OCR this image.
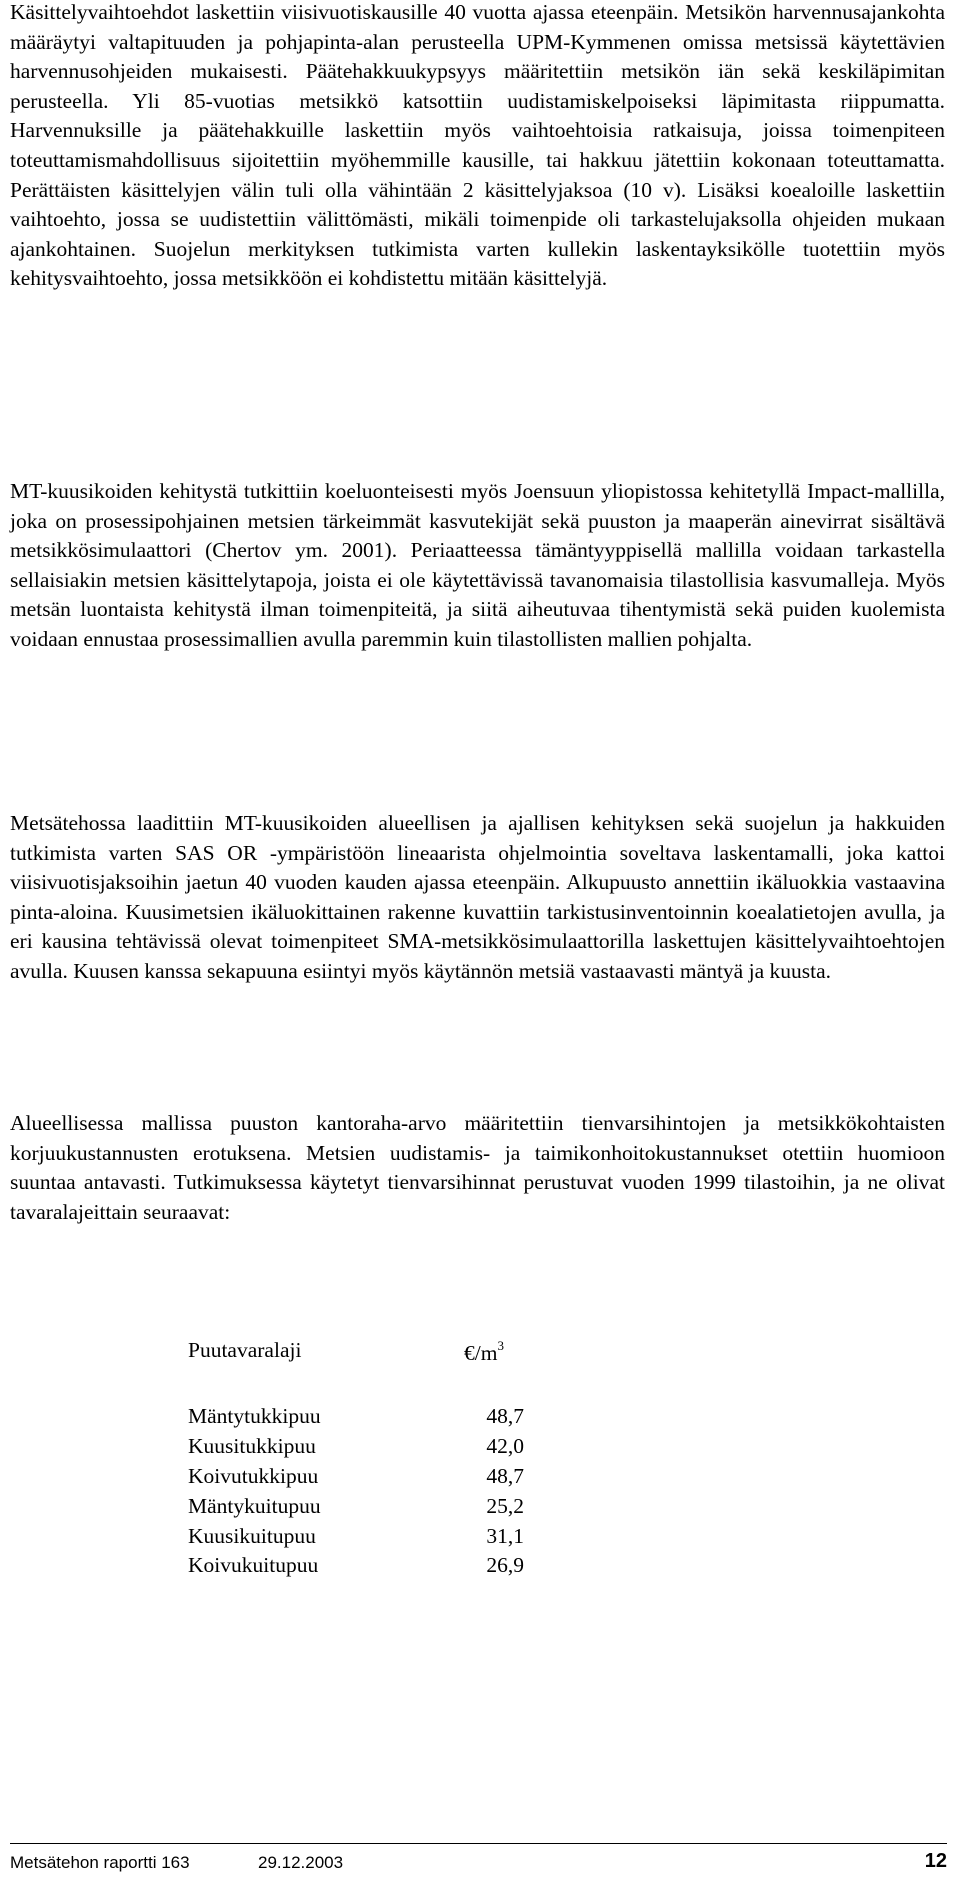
Käsittelyvaihtoehdot laskettiin viisivuotiskausille 40 vuotta ajassa eteenpäin. Metsikön harvennusajankohta määräytyi valtapituuden ja pohjapinta-alan perusteella UPM-Kymmenen omissa metsissä käytettävien harvennusohjeiden mukaisesti. Päätehakkuukypsyys määritettiin metsikön iän sekä keskiläpimitan perusteella. Yli 85-vuotias metsikkö katsottiin uudistamiskelpoiseksi läpimitasta riippumatta. Harvennuksille ja päätehakkuille laskettiin myös vaihtoehtoisia ratkaisuja, joissa toimenpiteen toteuttamismahdollisuus sijoitettiin myöhemmille kausille, tai hakkuu jätettiin kokonaan toteuttamatta. Perättäisten käsittelyjen välin tuli olla vähintään 2 käsittelyjaksoa (10 v). Lisäksi koealoille laskettiin vaihtoehto, jossa se uudistettiin välittömästi, mikäli toimenpide oli tarkastelujaksolla ohjeiden mukaan ajankohtainen. Suojelun merkityksen tutkimista varten kullekin laskentayksikölle tuotettiin myös kehitysvaihtoehto, jossa metsikköön ei kohdistettu mitään käsittelyjä.

MT-kuusikoiden kehitystä tutkittiin koeluonteisesti myös Joensuun yliopistossa kehitetyllä Impact-mallilla, joka on prosessipohjainen metsien tärkeimmät kasvutekijät sekä puuston ja maaperän ainevirrat sisältävä metsikkösimulaattori (Chertov ym. 2001). Periaatteessa tämäntyyppisellä mallilla voidaan tarkastella sellaisiakin metsien käsittelytapoja, joista ei ole käytettävissä tavanomaisia tilastollisia kasvumalleja. Myös metsän luontaista kehitystä ilman toimenpiteitä, ja siitä aiheutuvaa tihentymistä sekä puiden kuolemista voidaan ennustaa prosessimallien avulla paremmin kuin tilastollisten mallien pohjalta.

Metsätehossa laadittiin MT-kuusikoiden alueellisen ja ajallisen kehityksen sekä suojelun ja hakkuiden tutkimista varten SAS OR -ympäristöön lineaarista ohjelmointia soveltava laskentamalli, joka kattoi viisivuotisjaksoihin jaetun 40 vuoden kauden ajassa eteenpäin. Alkupuusto annettiin ikäluokkia vastaavina pinta-aloina. Kuusimetsien ikäluokittainen rakenne kuvattiin tarkistusinventoinnin koealatietojen avulla, ja eri kausina tehtävissä olevat toimenpiteet SMA-metsikkösimulaattorilla laskettujen käsittelyvaihtoehtojen avulla. Kuusen kanssa sekapuuna esiintyi myös käytännön metsiä vastaavasti mäntyä ja kuusta.

Alueellisessa mallissa puuston kantoraha-arvo määritettiin tienvarsihintojen ja metsikkökohtaisten korjuukustannusten erotuksena. Metsien uudistamis- ja taimikonhoitokustannukset otettiin huomioon suuntaa antavasti. Tutkimuksessa käytetyt tienvarsihinnat perustuvat vuoden 1999 tilastoihin, ja ne olivat tavaralajeittain seuraavat:

Puutavaralaji	$€/m^3$
Mäntytukkipuu	48,7
Kuusitukkipuu	42,0
Koivutukkipuu	48,7
Mäntykuitupuu	25,2
Kuusikuitupuu	31,1
Koivukuitupuu	26,9
Metsätehon raportti 163	29.12.2003	12
